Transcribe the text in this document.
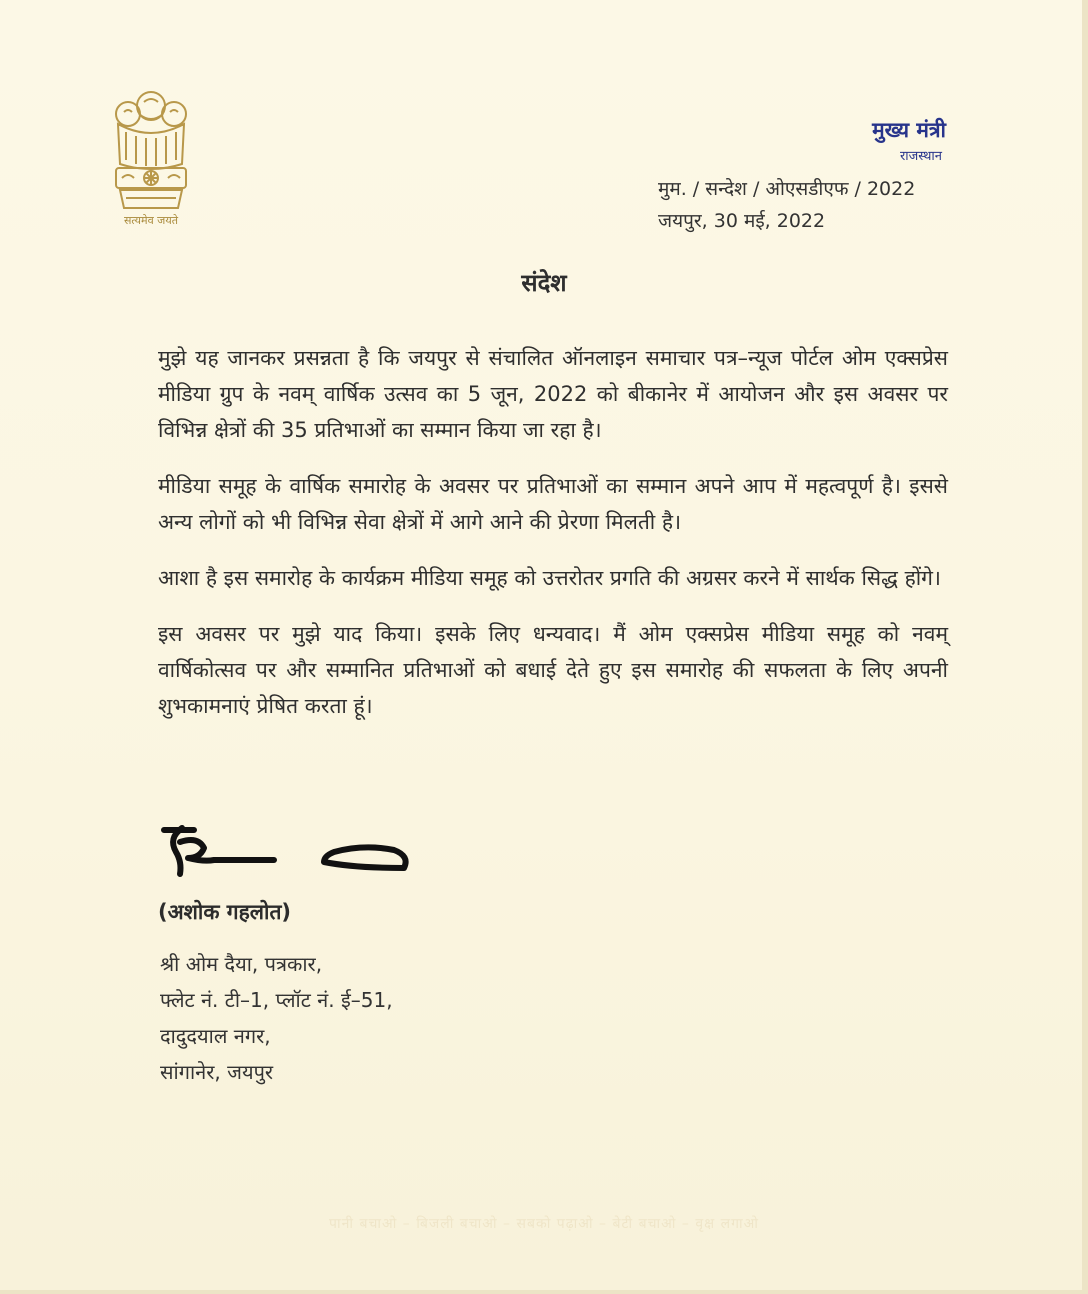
सत्यमेव जयते
मुख्य मंत्री
राजस्थान
मुम. / सन्देश / ओएसडीएफ / 2022
जयपुर, 30 मई, 2022
संदेश

मुझे यह जानकर प्रसन्नता है कि जयपुर से संचालित ऑनलाइन समाचार पत्र–न्यूज पोर्टल ओम एक्सप्रेस मीडिया ग्रुप के नवम् वार्षिक उत्सव का 5 जून, 2022 को बीकानेर में आयोजन और इस अवसर पर विभिन्न क्षेत्रों की 35 प्रतिभाओं का सम्मान किया जा रहा है।

मीडिया समूह के वार्षिक समारोह के अवसर पर प्रतिभाओं का सम्मान अपने आप में महत्वपूर्ण है। इससे अन्य लोगों को भी विभिन्न सेवा क्षेत्रों में आगे आने की प्रेरणा मिलती है।

आशा है इस समारोह के कार्यक्रम मीडिया समूह को उत्तरोतर प्रगति की अग्रसर करने में सार्थक सिद्ध होंगे।

इस अवसर पर मुझे याद किया। इसके लिए धन्यवाद। मैं ओम एक्सप्रेस मीडिया समूह को नवम् वार्षिकोत्सव पर और सम्मानित प्रतिभाओं को बधाई देते हुए इस समारोह की सफलता के लिए अपनी शुभकामनाएं प्रेषित करता हूं।

(अशोक गहलोत)
श्री ओम दैया, पत्रकार,
फ्लेट नं. टी–1, प्लॉट नं. ई–51,
दादुदयाल नगर,
सांगानेर, जयपुर
पानी बचाओ – बिजली बचाओ – सबको पढ़ाओ – बेटी बचाओ – वृक्ष लगाओ
